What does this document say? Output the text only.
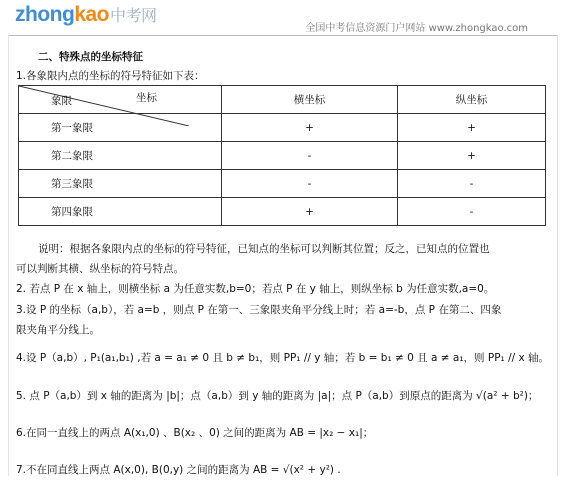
zhongkao中考网
全国中考信息资源门户网站 www.zhongkao.com
二、特殊点的坐标特征
1.各象限内点的坐标的符号特征如下表：
坐标
象限	横坐标	纵坐标
第一象限	+	+
第二象限	-	+
第三象限	-	-
第四象限	+	-
说明：根据各象限内点的坐标的符号特征，已知点的坐标可以判断其位置；反之，已知点的位置也
可以判断其横、纵坐标的符号特点。
2. 若点 P 在 x 轴上，则横坐标 a 为任意实数,b=0；若点 P 在 y 轴上，则纵坐标 b 为任意实数,a=0。
3.设 P 的坐标（a,b），若 a=b ，则点 P 在第一、三象限夹角平分线上时；若 a=-b，点 P 在第二、四象
限夹角平分线上。
4.设 P（a,b）, P₁(a₁,b₁) ,若 a = a₁ ≠ 0 且 b ≠ b₁，则 PP₁ // y 轴；若 b = b₁ ≠ 0 且 a ≠ a₁，则 PP₁ // x 轴。
5. 点 P（a,b）到 x 轴的距离为 |b|；点（a,b）到 y 轴的距离为 |a|；点 P（a,b）到原点的距离为 √(a² + b²)；
6.在同一直线上的两点 A(x₁,0) 、B(x₂ 、0) 之间的距离为 AB = |x₂ − x₁|；
7.不在同直线上两点 A(x,0), B(0,y) 之间的距离为 AB = √(x² + y²) .
